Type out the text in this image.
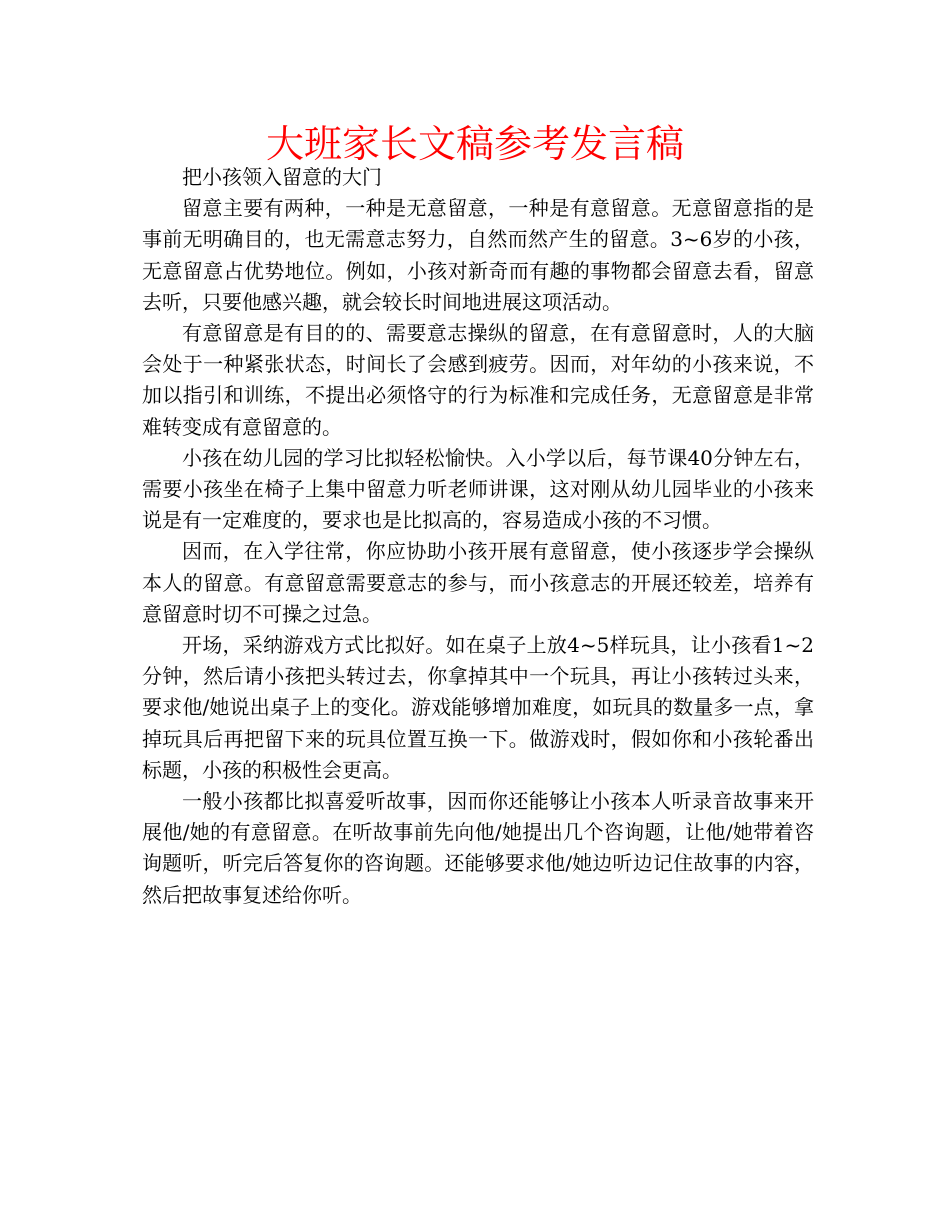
大班家长文稿参考发言稿

把小孩领入留意的大门

留意主要有两种，一种是无意留意，一种是有意留意。无意留意指的是事前无明确目的，也无需意志努力，自然而然产生的留意。3~6岁的小孩，无意留意占优势地位。例如，小孩对新奇而有趣的事物都会留意去看，留意去听，只要他感兴趣，就会较长时间地进展这项活动。

有意留意是有目的的、需要意志操纵的留意，在有意留意时，人的大脑会处于一种紧张状态，时间长了会感到疲劳。因而，对年幼的小孩来说，不加以指引和训练，不提出必须恪守的行为标准和完成任务，无意留意是非常难转变成有意留意的。

小孩在幼儿园的学习比拟轻松愉快。入小学以后，每节课40分钟左右，需要小孩坐在椅子上集中留意力听老师讲课，这对刚从幼儿园毕业的小孩来说是有一定难度的，要求也是比拟高的，容易造成小孩的不习惯。

因而，在入学往常，你应协助小孩开展有意留意，使小孩逐步学会操纵本人的留意。有意留意需要意志的参与，而小孩意志的开展还较差，培养有意留意时切不可操之过急。

开场，采纳游戏方式比拟好。如在桌子上放4~5样玩具，让小孩看1~2分钟，然后请小孩把头转过去，你拿掉其中一个玩具，再让小孩转过头来，要求他/她说出桌子上的变化。游戏能够增加难度，如玩具的数量多一点，拿掉玩具后再把留下来的玩具位置互换一下。做游戏时，假如你和小孩轮番出标题，小孩的积极性会更高。

一般小孩都比拟喜爱听故事，因而你还能够让小孩本人听录音故事来开展他/她的有意留意。在听故事前先向他/她提出几个咨询题，让他/她带着咨询题听，听完后答复你的咨询题。还能够要求他/她边听边记住故事的内容，然后把故事复述给你听。
